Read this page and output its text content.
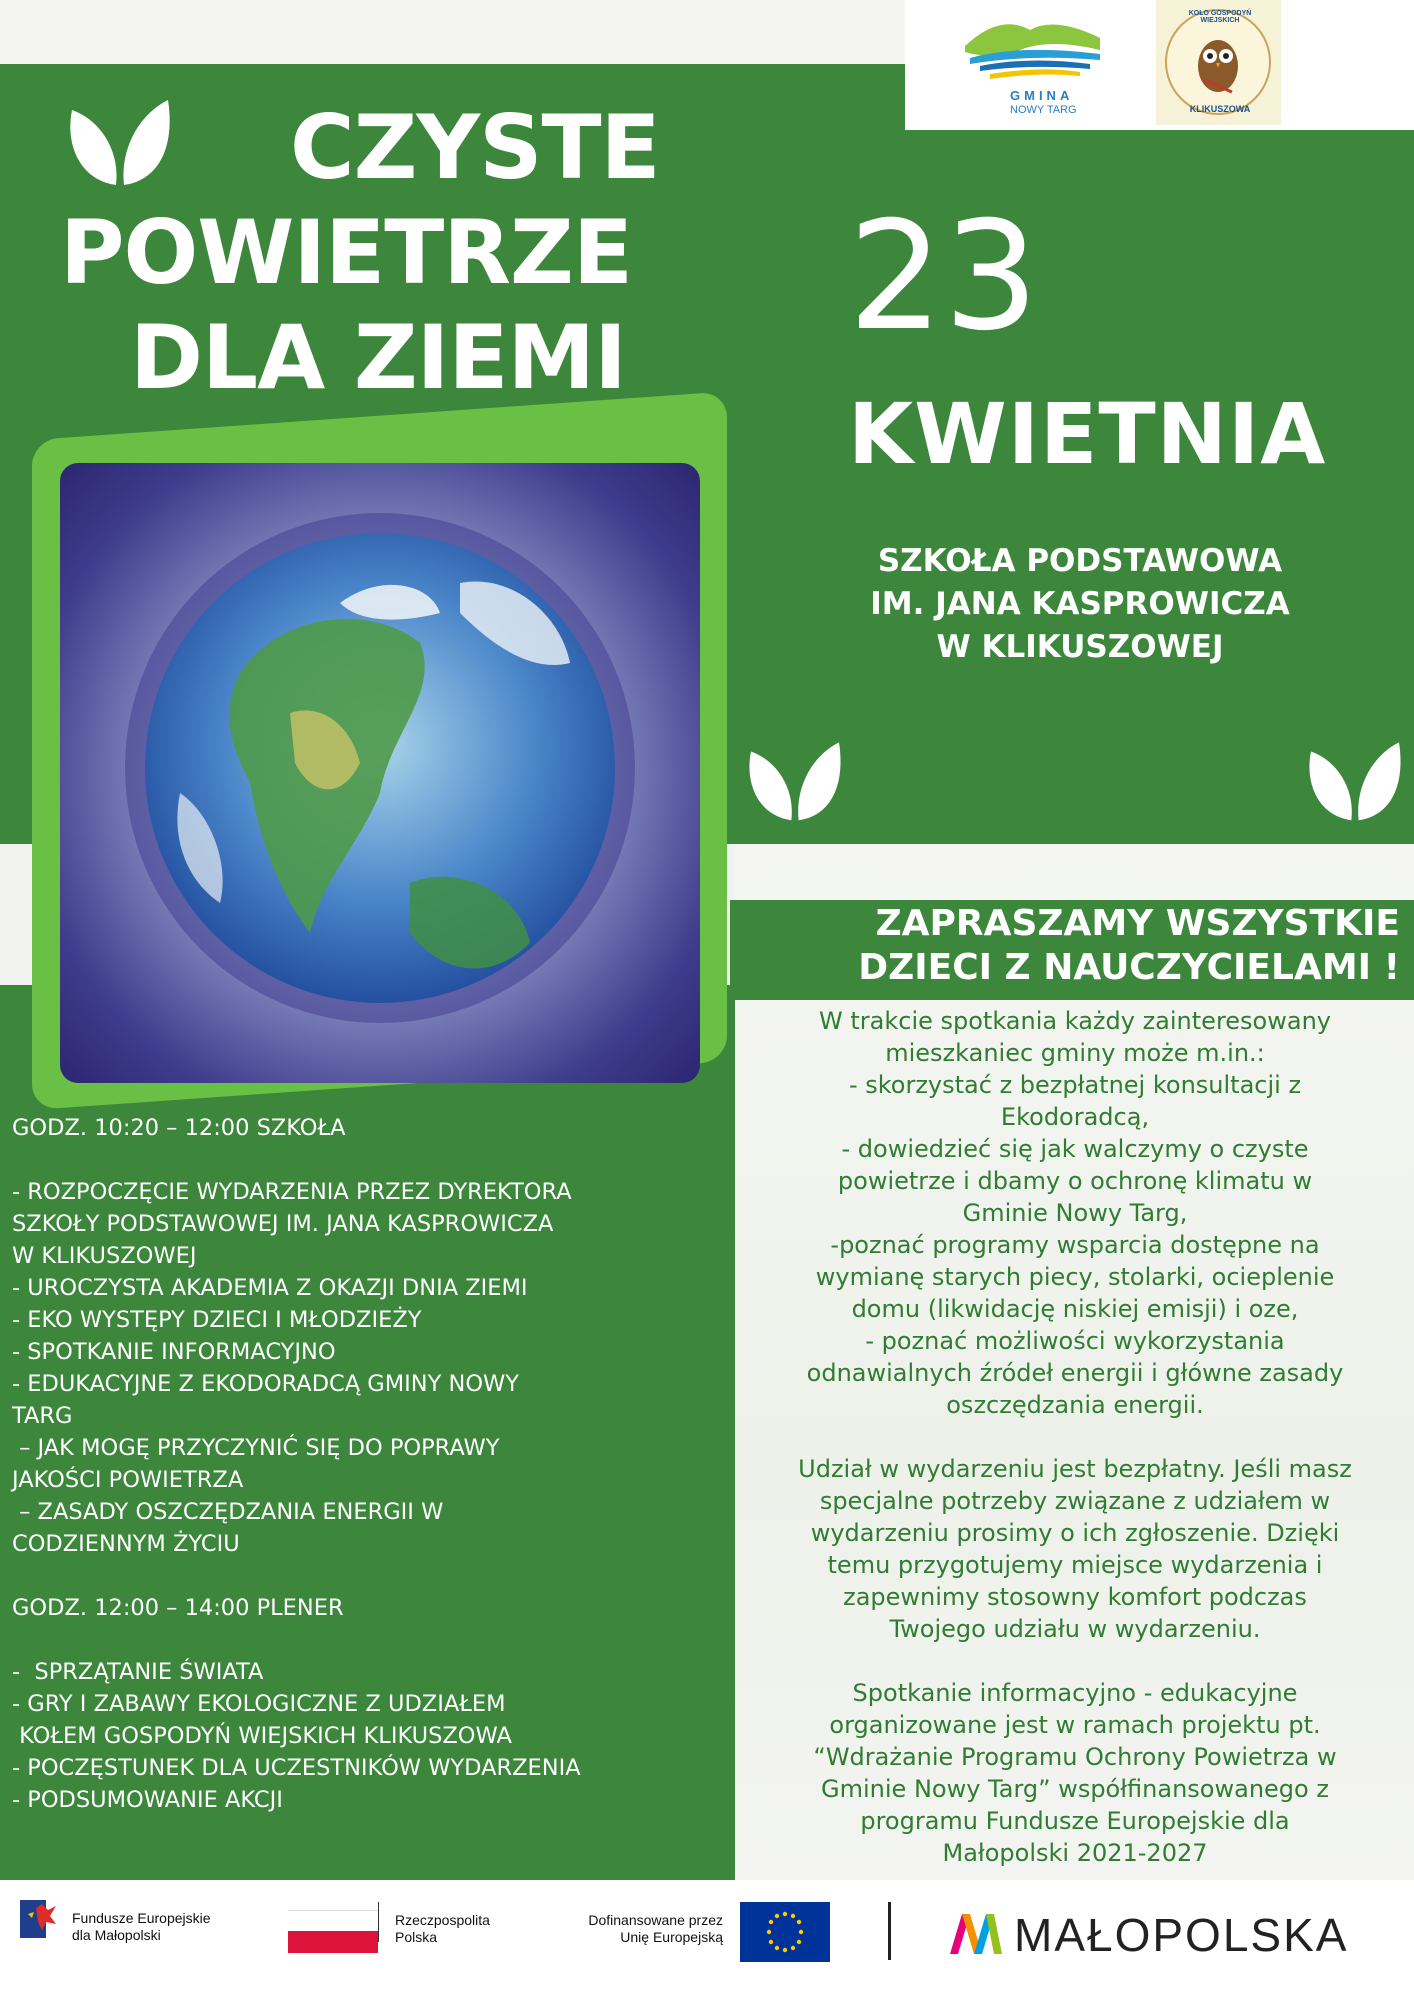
GMINA
NOWY TARG
KOŁO GOSPODYŃ WIEJSKICH
KLIKUSZOWA
CZYSTE
POWIETRZE
DLA ZIEMI 23
KWIETNIA
SZKOŁA PODSTAWOWA
IM. JANA KASPROWICZA
W KLIKUSZOWEJ
ZAPRASZAMY WSZYSTKIE
DZIECI Z NAUCZYCIELAMI !
W trakcie spotkania każdy zainteresowany
mieszkaniec gminy może m.in.:
- skorzystać z bezpłatnej konsultacji z
Ekodoradcą,
- dowiedzieć się jak walczymy o czyste
powietrze i dbamy o ochronę klimatu w
Gminie Nowy Targ,
-poznać programy wsparcia dostępne na
wymianę starych piecy, stolarki, ocieplenie
domu (likwidację niskiej emisji) i oze,
- poznać możliwości wykorzystania
odnawialnych źródeł energii i główne zasady
oszczędzania energii.
Udział w wydarzeniu jest bezpłatny. Jeśli masz
specjalne potrzeby związane z udziałem w
wydarzeniu prosimy o ich zgłoszenie. Dzięki
temu przygotujemy miejsce wydarzenia i
zapewnimy stosowny komfort podczas
Twojego udziału w wydarzeniu.
Spotkanie informacyjno - edukacyjne
organizowane jest w ramach projektu pt.
“Wdrażanie Programu Ochrony Powietrza w
Gminie Nowy Targ” współfinansowanego z
programu Fundusze Europejskie dla
Małopolski 2021-2027
GODZ. 10:20 – 12:00 SZKOŁA
- ROZPOCZĘCIE WYDARZENIA PRZEZ DYREKTORA
SZKOŁY PODSTAWOWEJ IM. JANA KASPROWICZA
W KLIKUSZOWEJ
- UROCZYSTA AKADEMIA Z OKAZJI DNIA ZIEMI
- EKO WYSTĘPY DZIECI I MŁODZIEŻY
- SPOTKANIE INFORMACYJNO
- EDUKACYJNE Z EKODORADCĄ GMINY NOWY
TARG
– JAK MOGĘ PRZYCZYNIĆ SIĘ DO POPRAWY
JAKOŚCI POWIETRZA
– ZASADY OSZCZĘDZANIA ENERGII W
CODZIENNYM ŻYCIU
GODZ. 12:00 – 14:00 PLENER
-  SPRZĄTANIE ŚWIATA
- GRY I ZABAWY EKOLOGICZNE Z UDZIAŁEM
KOŁEM GOSPODYŃ WIEJSKICH KLIKUSZOWA
- POCZĘSTUNEK DLA UCZESTNIKÓW WYDARZENIA
- PODSUMOWANIE AKCJI
Fundusze Europejskie
dla Małopolski
Rzeczpospolita
Polska
Dofinansowane przez
Unię Europejską	MAŁOPOLSKA
